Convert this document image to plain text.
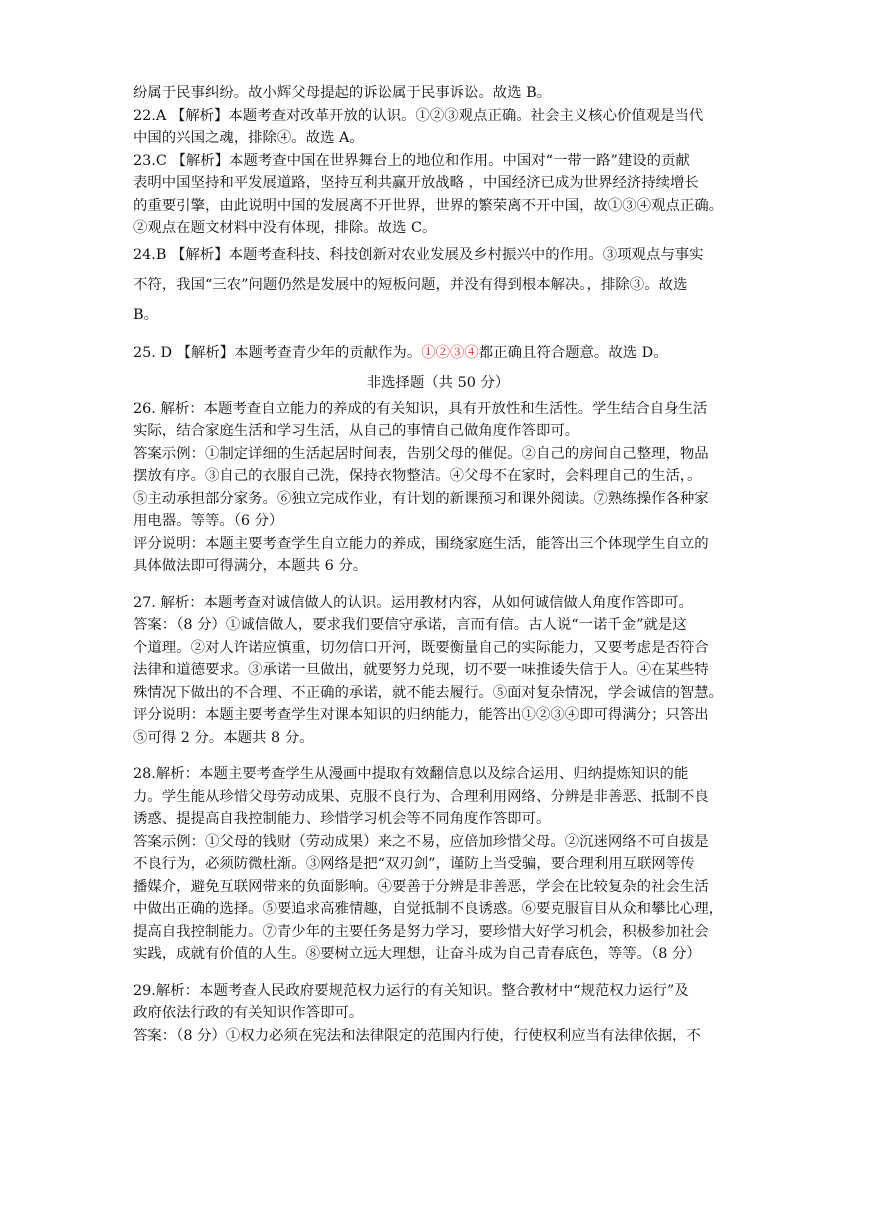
纷属于民事纠纷。故小辉父母提起的诉讼属于民事诉讼。故选 B。
22.A 【解析】本题考查对改革开放的认识。①②③观点正确。社会主义核心价值观是当代
中国的兴国之魂，排除④。故选 A。
23.C 【解析】本题考查中国在世界舞台上的地位和作用。中国对“一带一路”建设的贡献
表明中国坚持和平发展道路，坚持互利共赢开放战略 ，中国经济已成为世界经济持续增长
的重要引擎，由此说明中国的发展离不开世界，世界的繁荣离不开中国，故①③④观点正确。
②观点在题文材料中没有体现，排除。故选 C。
24.B 【解析】本题考查科技、科技创新对农业发展及乡村振兴中的作用。③项观点与事实
不符，我国“三农”问题仍然是发展中的短板问题，并没有得到根本解决。，排除③。故选
B。
25. D 【解析】本题考查青少年的贡献作为。①②③④都正确且符合题意。故选 D。
非选择题（共 50 分）
26. 解析：本题考查自立能力的养成的有关知识，具有开放性和生活性。学生结合自身生活
实际，结合家庭生活和学习生活，从自己的事情自己做角度作答即可。
答案示例：①制定详细的生活起居时间表，告别父母的催促。②自己的房间自己整理，物品
摆放有序。③自己的衣服自己洗，保持衣物整洁。④父母不在家时，会料理自己的生活，。
⑤主动承担部分家务。⑥独立完成作业，有计划的新课预习和课外阅读。⑦熟练操作各种家
用电器。等等。（6 分）
评分说明：本题主要考查学生自立能力的养成，围绕家庭生活，能答出三个体现学生自立的
具体做法即可得满分，本题共 6 分。
27. 解析：本题考查对诚信做人的认识。运用教材内容，从如何诚信做人角度作答即可。
答案：（8 分）①诚信做人，要求我们要信守承诺，言而有信。古人说“一诺千金”就是这
个道理。②对人许诺应慎重，切勿信口开河，既要衡量自己的实际能力，又要考虑是否符合
法律和道德要求。③承诺一旦做出，就要努力兑现，切不要一味推诿失信于人。④在某些特
殊情况下做出的不合理、不正确的承诺，就不能去履行。⑤面对复杂情况，学会诚信的智慧。
评分说明：本题主要考查学生对课本知识的归纳能力，能答出①②③④即可得满分；只答出
⑤可得 2 分。本题共 8 分。
28.解析：本题主要考查学生从漫画中提取有效翻信息以及综合运用、归纳提炼知识的能
力。学生能从珍惜父母劳动成果、克服不良行为、合理利用网络、分辨是非善恶、抵制不良
诱惑、提提高自我控制能力、珍惜学习机会等不同角度作答即可。
答案示例：①父母的钱财（劳动成果）来之不易，应倍加珍惜父母。②沉迷网络不可自拔是
不良行为，必须防微杜渐。③网络是把“双刃剑”，谨防上当受骗，要合理利用互联网等传
播媒介，避免互联网带来的负面影响。④要善于分辨是非善恶，学会在比较复杂的社会生活
中做出正确的选择。⑤要追求高雅情趣，自觉抵制不良诱惑。⑥要克服盲目从众和攀比心理，
提高自我控制能力。⑦青少年的主要任务是努力学习，要珍惜大好学习机会，积极参加社会
实践，成就有价值的人生。⑧要树立远大理想，让奋斗成为自己青春底色，等等。（8 分）
29.解析：本题考查人民政府要规范权力运行的有关知识。整合教材中“规范权力运行”及
政府依法行政的有关知识作答即可。
答案：（8 分）①权力必须在宪法和法律限定的范围内行使，行使权利应当有法律依据，不
